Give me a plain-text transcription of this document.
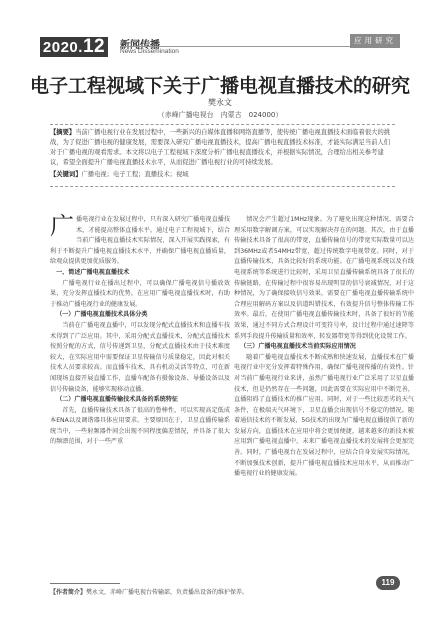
2020.12 新闻传播
News Dissemination
应用研究
电子工程视域下关于广播电视直播技术的研究
樊永文
（赤峰广播电视台　内蒙古　024000）
【摘要】当前广播电视行业在发展过程中，一些新兴的自媒体直播和网络直播等，使传统广播电视直播技术面临着很大的挑战，为了促进广播电视的健康发展，需要深入研究广播电视直播技术，提高广播电视直播技术标准，才能实际满足当前人们对于广播电视的观看需求。本文将以电子工程视域下深度分析广播电视直播技术，并根据实际情况，合理给出相关参考建议，希望全面提升广播电视直播技术水平，从而促进广播电视行业的可持续发展。
【关键词】广播电视；电子工程；直播技术；视域

广播电视行业在发展过程中，只有深入研究广播电视直播技术，才能提高整体直播水平。通过电子工程视域下，结合当前广播电视直播技术实际情况，深入开展实践探索，有利于不断提升广播电视直播技术水平，并确保广播电视直播质量，给观众提供更加优质服务。

一、简述广播电视直播技术

广播电视行业在播出过程中，可以确保广播电视信号播放效果，充分发挥直播技术的优势。在应用广播电视直播技术时，有助于推动广播电视行业的健康发展。

（一）广播电视直播技术具体分类

当前在广播电视直播中，可以发现分配式直播技术和直播车技术得到了广泛应用。其中，采用分配式直播技术，分配式直播技术按照分配的方式，信号传递到卫星，分配式直播技术由于技术难度较大，在实际应用中需要保证卫星传输信号质量稳定，因此对相关技术人员要求较高。而直播车技术，具有机动灵活等特点，可在新闻现场直接开展直播工作，直播车配备有摄像设备、导播设备以及信号传输设备，能够实现移动直播。

（二）广播电视直播传输技术具备的系统特征

首先，直播传输技术具备了很高的鲁棒性，可以实现高定低成本ENA以及调谐器具体应用要求。主要原因在于，卫星直播传输系统当中，一些射频器件间会出现不同程度偏差情况，并具备了很大的频漂范围，对于一些严重

情况会产生超过1MHz现象。为了避免出现这种情况，需要合理采用数字解调方案，可以实现解决存在的问题。其次，由于直播传输技术具备了很高的带宽，直播传输信号的带宽实际数量可以达到36MHz或者54MHz带宽，超过传统数字电视带宽。同时，对于直播传输技术，具备比较好的系统功能。在广播电视系统以及有线电视系统等系统进行比较时，采用卫星直播传输系统具备了很长的传输链路，在传输过程中很容易出现明显的信号衰减情况，对于这种情况，为了确保接收信号效果，需要在广播电视直播传输系统中合理应用解码方案以及信道纠错技术，有效提升信号整体传输工作效率。最后，在使用广播电视直播传输技术时，具备了很好的节能效果，通过不同方式合理设计可变符号率，设计过程中通过速降等系列手段提升传输质量和效率，转发器带宽等得到优化设置工作。

（三）广播电视直播技术当前实际应用情况

随着广播电视直播技术不断成熟和快速发展，直播技术在广播电视行业中充分发挥着特殊作用，确保广播电视传播的有效性。针对当前广播电视行业来讲，虽然广播电视行业广泛采用了卫星直播技术，但是仍然存在一些问题，因此需要在实际应用中不断完善，直播阻碍了直播技术的推广应用。同时，对于一些比较恶劣的天气条件，在极端天气环境下，卫星直播会出现信号不稳定的情况。随着通信技术的不断发展，5G技术的出现为广播电视直播提供了新的发展方向，直播技术在应用中将会更加便捷，越来越多的新技术被应用到广播电视直播中，未来广播电视直播技术的发展将会更加完善。同时，广播电视台在发展过程中，应结合自身发展实际情况，不断加强技术创新，提升广播电视直播技术应用水平，从而推动广播电视行业的健康发展。

【作者简介】樊永文，赤峰广播电视台传输部，负责播出设备的维护保养。
119
